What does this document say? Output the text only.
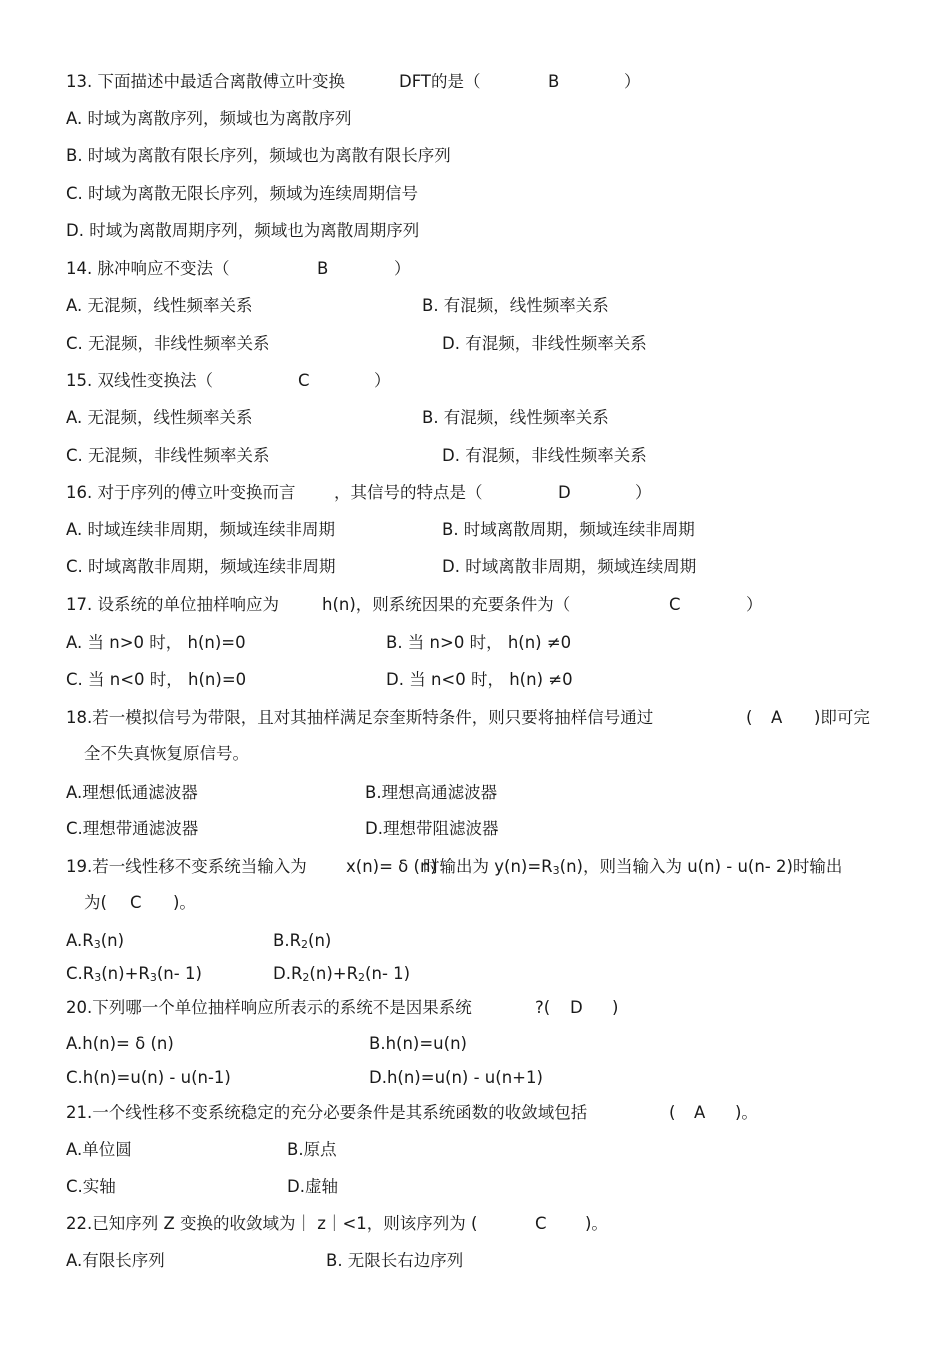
13. 下面描述中最适合离散傅立叶变换	DFT的是（	B	）
A. 时域为离散序列，频域也为离散序列
B. 时域为离散有限长序列，频域也为离散有限长序列
C. 时域为离散无限长序列，频域为连续周期信号
D. 时域为离散周期序列，频域也为离散周期序列
14. 脉冲响应不变法（	B	）
A. 无混频，线性频率关系	B. 有混频，线性频率关系
C. 无混频，非线性频率关系	D. 有混频，非线性频率关系
15. 双线性变换法（	C	）
A. 无混频，线性频率关系	B. 有混频，线性频率关系
C. 无混频，非线性频率关系	D. 有混频，非线性频率关系
16. 对于序列的傅立叶变换而言 ，其信号的特点是（	D	）
A. 时域连续非周期，频域连续非周期	B. 时域离散周期，频域连续非周期
C. 时域离散非周期，频域连续非周期	D. 时域离散非周期，频域连续周期
17. 设系统的单位抽样响应为	h(n)，则系统因果的充要条件为（	C	）
A. 当 n>0 时， h(n)=0	B. 当 n>0 时， h(n) ≠0
C. 当 n<0 时， h(n)=0	D. 当 n<0 时， h(n) ≠0
18.若一模拟信号为带限，且对其抽样满足奈奎斯特条件，则只要将抽样信号通过	( A )即可完
全不失真恢复原信号。
A.理想低通滤波器	B.理想高通滤波器
C.理想带通滤波器	D.理想带阻滤波器
19.若一线性移不变系统当输入为 x(n)= δ (n)
时输出为 $y(n)=R_3(n)$，则当输入为 u(n) - u(n- 2)时输出
为( C )。
$A.R_3(n)$	$B.R_2(n)$
$C.R_3(n)+R_3(n-$ 1)	$D.R_2(n)+R_2(n-$ 1)
20.下列哪一个单位抽样响应所表示的系统不是因果系统	?( D )
A.h(n)= δ (n)	B.h(n)=u(n)
C.h(n)=u(n) - u(n-1)	D.h(n)=u(n) - u(n+1)
21.一个线性移不变系统稳定的充分必要条件是其系统函数的收敛域包括	( A )。
A.单位圆	B.原点
C.实轴	D.虚轴
22.已知序列 Z 变换的收敛域为｜ z｜<1，则该序列为 (	C )。
A.有限长序列	B. 无限长右边序列
